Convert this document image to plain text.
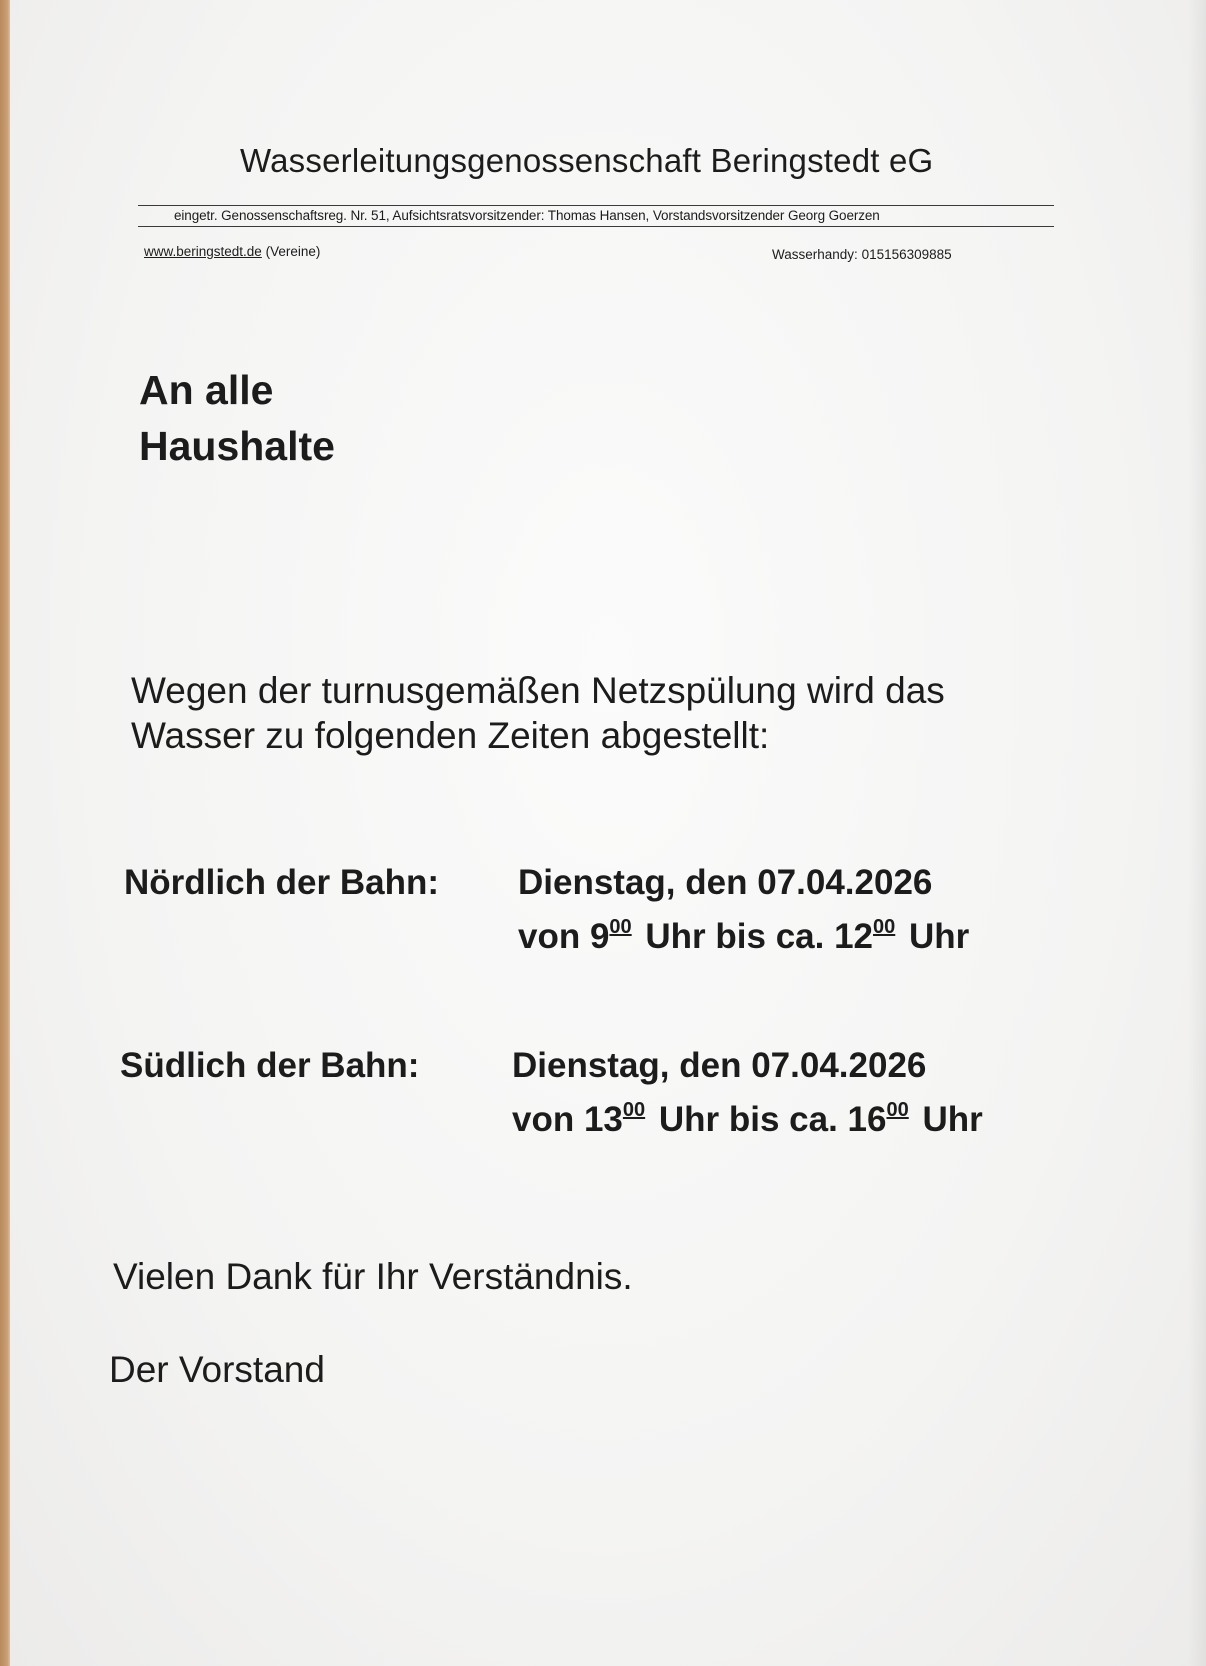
Wasserleitungsgenossenschaft Beringstedt eG
eingetr. Genossenschaftsreg. Nr. 51, Aufsichtsratsvorsitzender: Thomas Hansen, Vorstandsvorsitzender Georg Goerzen
www.beringstedt.de (Vereine)	Wasserhandy: 015156309885
An alle
Haushalte
Wegen der turnusgemäßen Netzspülung wird das
Wasser zu folgenden Zeiten abgestellt:
Nördlich der Bahn: Dienstag, den 07.04.2026
von $9^{00}$ Uhr bis ca. $12^{00}$ Uhr
Südlich der Bahn:	Dienstag, den 07.04.2026
von $13^{00}$ Uhr bis ca. $16^{00}$ Uhr
Vielen Dank für Ihr Verständnis.
Der Vorstand
